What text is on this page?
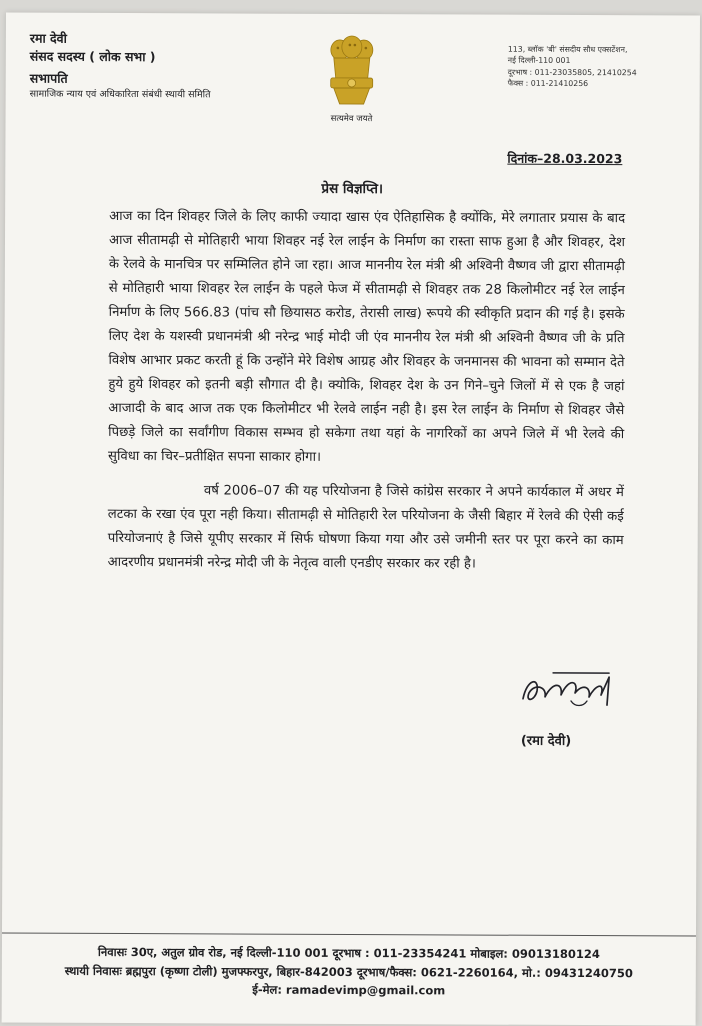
रमा देवी
संसद सदस्य ( लोक सभा )
सभापति
सामाजिक न्याय एवं अधिकारिता संबंधी स्थायी समिति
सत्यमेव जयते
113, ब्लॉक 'बी' संसदीय सौध एक्सटेंशन,
नई दिल्ली-110 001
दूरभाष : 011-23035805, 21410254
फैक्स : 011-21410256
दिनांक–28.03.2023
प्रेस विज्ञप्ति।

आज का दिन शिवहर जिले के लिए काफी ज्यादा खास एंव ऐतिहासिक है क्योंकि, मेरे लगातार प्रयास के बाद आज सीतामढ़ी से मोतिहारी भाया शिवहर नई रेल लाईन के निर्माण का रास्ता साफ हुआ है और शिवहर, देश के रेलवे के मानचित्र पर सम्मिलित होने जा रहा। आज माननीय रेल मंत्री श्री अश्विनी वैष्णव जी द्वारा सीतामढ़ी से मोतिहारी भाया शिवहर रेल लाईन के पहले फेज में सीतामढ़ी से शिवहर तक 28 किलोमीटर नई रेल लाईन निर्माण के लिए 566.83 (पांच सौ छियासठ करोड, तेरासी लाख) रूपये की स्वीकृति प्रदान की गई है। इसके लिए देश के यशस्वी प्रधानमंत्री श्री नरेन्द्र भाई मोदी जी एंव माननीय रेल मंत्री श्री अश्विनी वैष्णव जी के प्रति विशेष आभार प्रकट करती हूं कि उन्होंने मेरे विशेष आग्रह और शिवहर के जनमानस की भावना को सम्मान देते हुये हुये शिवहर को इतनी बड़ी सौगात दी है। क्योकि, शिवहर देश के उन गिने–चुने जिलों में से एक है जहां आजादी के बाद आज तक एक किलोमीटर भी रेलवे लाईन नही है। इस रेल लाईन के निर्माण से शिवहर जैसे पिछड़े जिले का सर्वांगीण विकास सम्भव हो सकेगा तथा यहां के नागरिकों का अपने जिले में भी रेलवे की सुविधा का चिर–प्रतीक्षित सपना साकार होगा।

वर्ष 2006–07 की यह परियोजना है जिसे कांग्रेस सरकार ने अपने कार्यकाल में अधर में लटका के रखा एंव पूरा नही किया। सीतामढ़ी से मोतिहारी रेल परियोजना के जैसी बिहार में रेलवे की ऐसी कई परियोजनाएं है जिसे यूपीए सरकार में सिर्फ घोषणा किया गया और उसे जमीनी स्तर पर पूरा करने का काम आदरणीय प्रधानमंत्री नरेन्द्र मोदी जी के नेतृत्व वाली एनडीए सरकार कर रही है।

(रमा देवी)
निवासः 30ए, अतुल ग्रोव रोड, नई दिल्ली-110 001 दूरभाष : 011-23354241 मोबाइल: 09013180124
स्थायी निवासः ब्रह्मपुरा (कृष्णा टोली) मुजफ्फरपुर, बिहार-842003 दूरभाष/फैक्स: 0621-2260164, मो.: 09431240750
ई-मेल: ramadevimp@gmail.com
